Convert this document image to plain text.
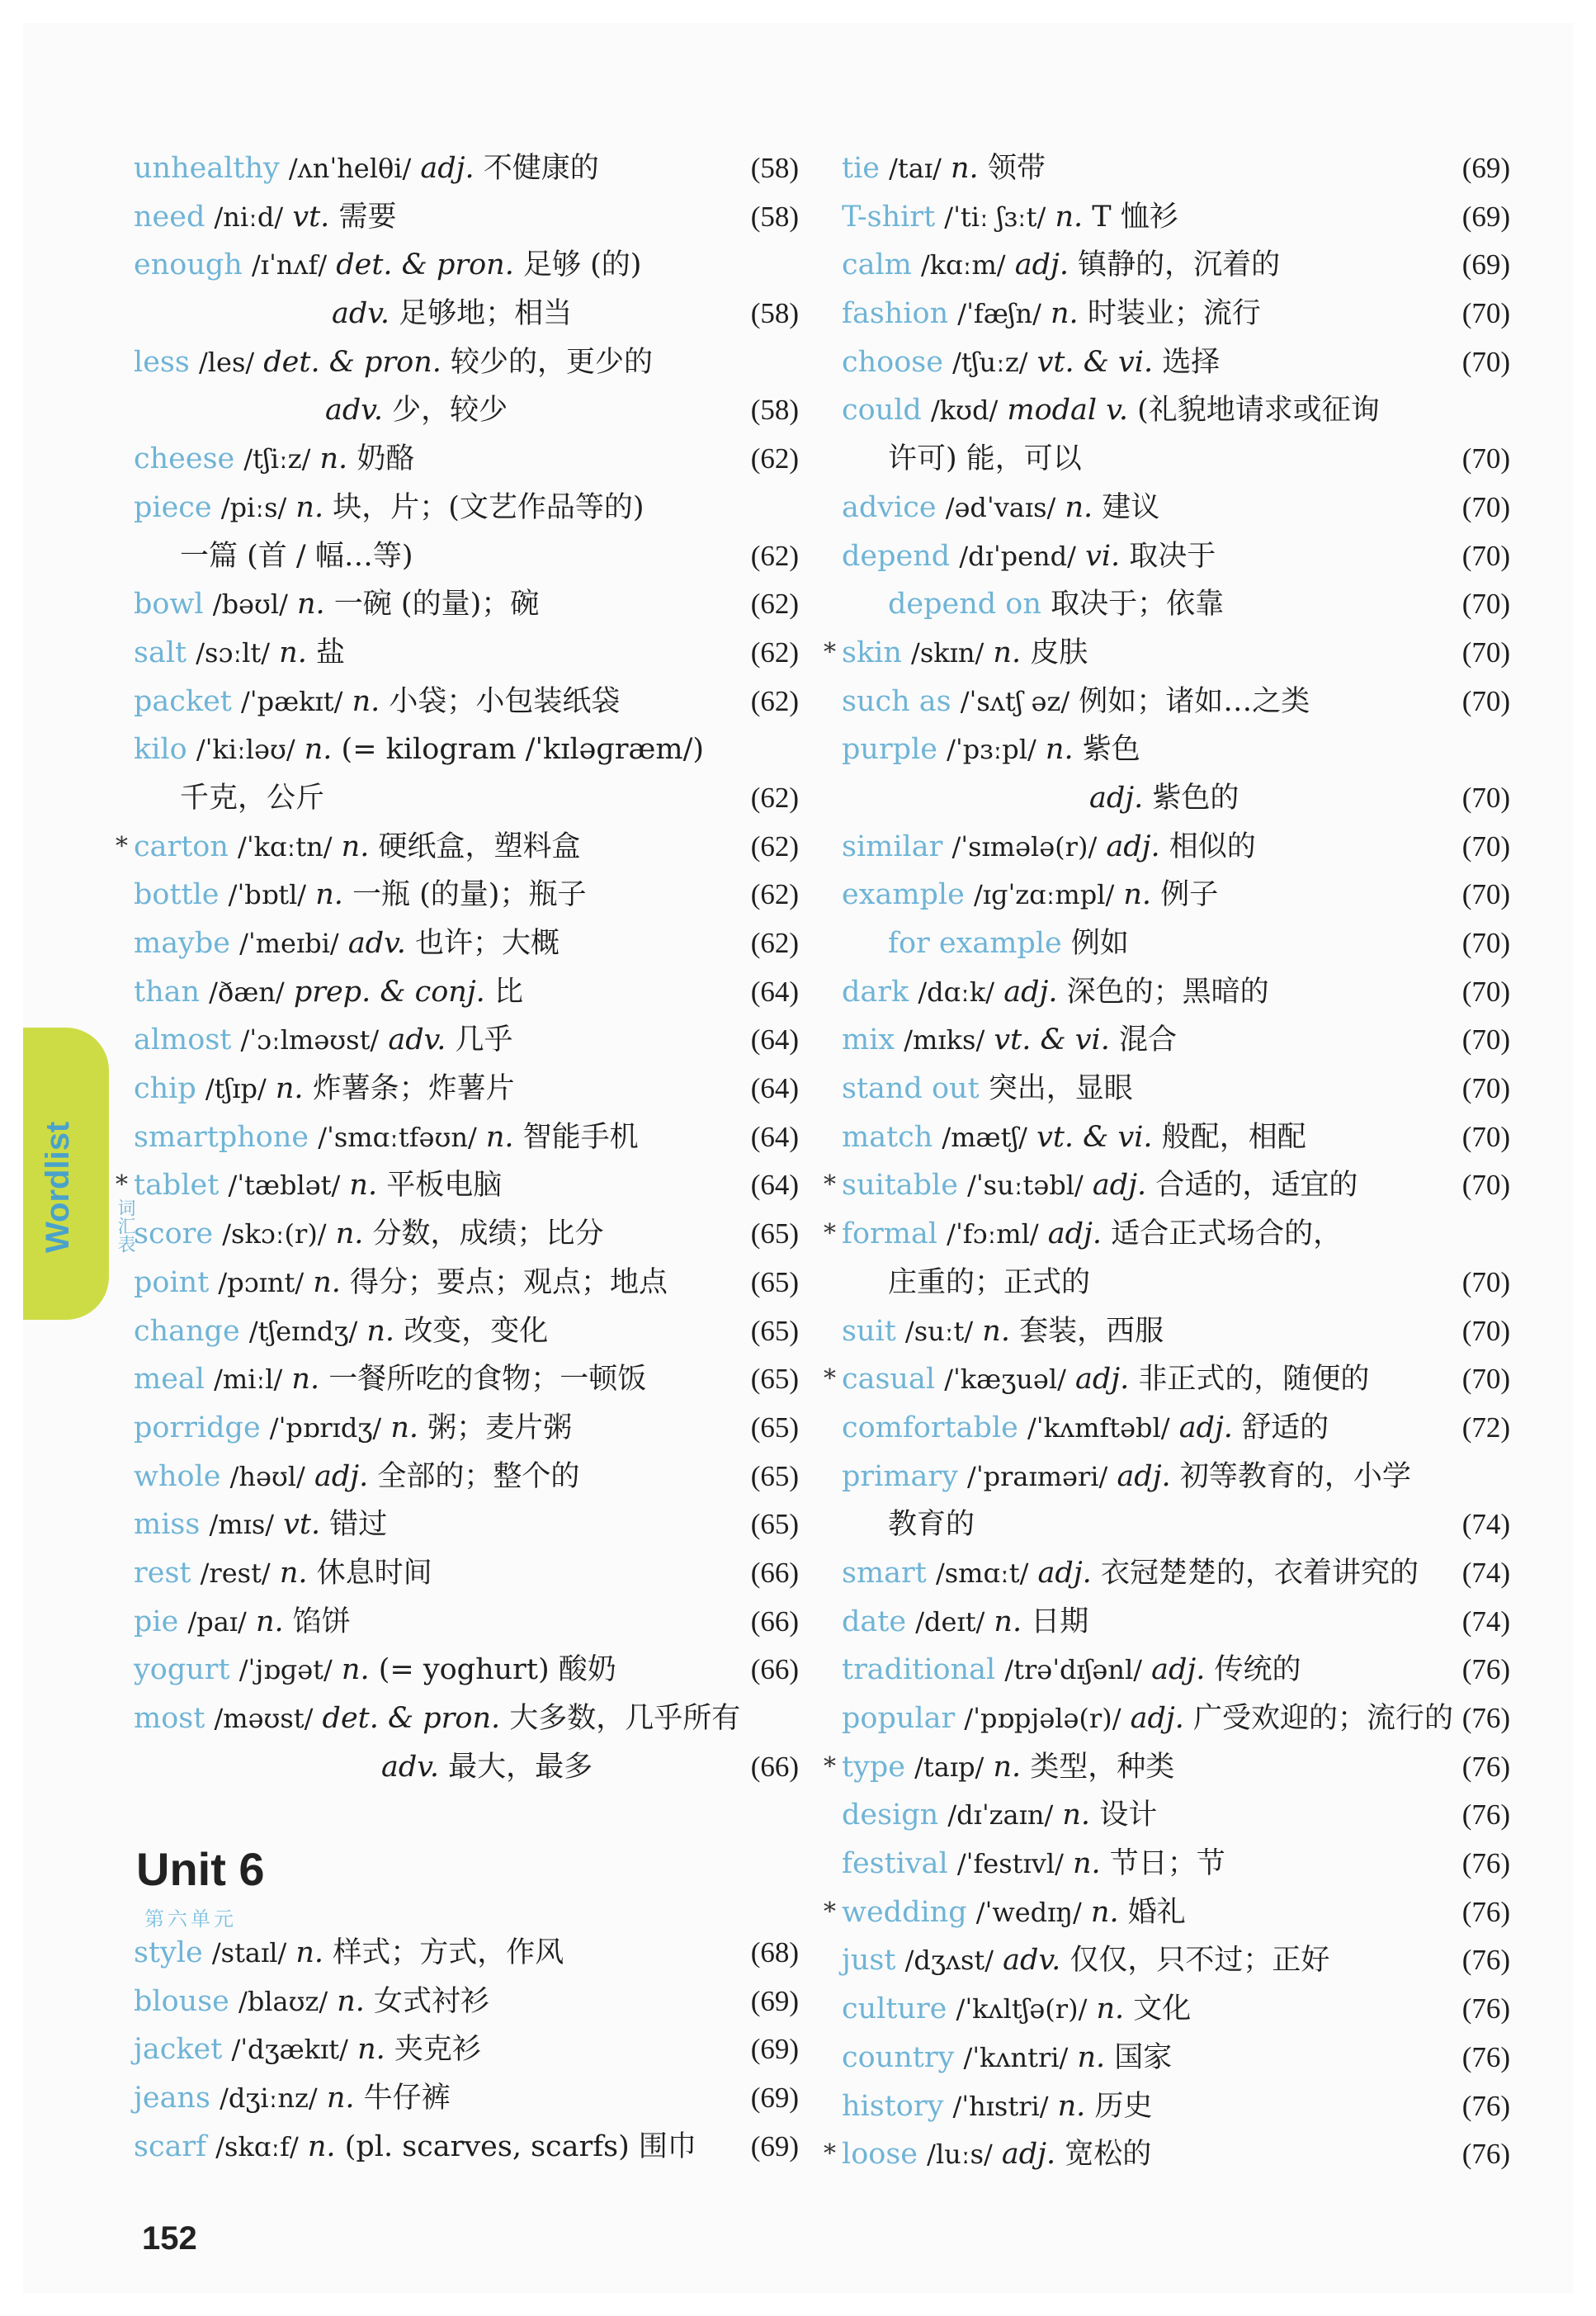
Wordlist 词汇表
unhealthy /ʌnˈhelθi/ adj. 不健康的	(58)
need /niːd/ vt. 需要	(58)
enough /ɪˈnʌf/ det. & pron. 足够 (的)
adv. 足够地；相当	(58)
less /les/ det. & pron. 较少的，更少的
adv. 少，较少	(58)
cheese /tʃiːz/ n. 奶酪	(62)
piece /piːs/ n. 块，片；(文艺作品等的)
一篇 (首 / 幅…等)	(62)
bowl /bəʊl/ n. 一碗 (的量)；碗	(62)
salt /sɔːlt/ n. 盐	(62)
packet /ˈpækɪt/ n. 小袋；小包装纸袋	(62)
kilo /ˈkiːləʊ/ n. (= kilogram /ˈkɪləɡræm/)
千克，公斤	(62)
* carton /ˈkɑːtn/ n. 硬纸盒，塑料盒	(62)
bottle /ˈbɒtl/ n. 一瓶 (的量)；瓶子	(62)
maybe /ˈmeɪbi/ adv. 也许；大概	(62)
than /ðæn/ prep. & conj. 比	(64)
almost /ˈɔːlməʊst/ adv. 几乎	(64)
chip /tʃɪp/ n. 炸薯条；炸薯片	(64)
smartphone /ˈsmɑːtfəʊn/ n. 智能手机	(64)
* tablet /ˈtæblət/ n. 平板电脑	(64)
score /skɔː(r)/ n. 分数，成绩；比分	(65)
point /pɔɪnt/ n. 得分；要点；观点；地点	(65)
change /tʃeɪndʒ/ n. 改变，变化	(65)
meal /miːl/ n. 一餐所吃的食物；一顿饭	(65)
porridge /ˈpɒrɪdʒ/ n. 粥；麦片粥	(65)
whole /həʊl/ adj. 全部的；整个的	(65)
miss /mɪs/ vt. 错过	(65)
rest /rest/ n. 休息时间	(66)
pie /paɪ/ n. 馅饼	(66)
yogurt /ˈjɒɡət/ n. (= yoghurt) 酸奶	(66)
most /məʊst/ det. & pron. 大多数，几乎所有
adv. 最大，最多	(66)
Unit 6
第六单元
style /staɪl/ n. 样式；方式，作风	(68)
blouse /blaʊz/ n. 女式衬衫	(69)
jacket /ˈdʒækɪt/ n. 夹克衫	(69)
jeans /dʒiːnz/ n. 牛仔裤	(69)
scarf /skɑːf/ n. (pl. scarves, scarfs) 围巾 (69)
tie /taɪ/ n. 领带	(69)
T-shirt /ˈtiː ʃɜːt/ n. T 恤衫	(69)
calm /kɑːm/ adj. 镇静的，沉着的	(69)
fashion /ˈfæʃn/ n. 时装业；流行	(70)
choose /tʃuːz/ vt. & vi. 选择	(70)
could /kʊd/ modal v. (礼貌地请求或征询
许可) 能，可以	(70)
advice /ədˈvaɪs/ n. 建议	(70)
depend /dɪˈpend/ vi. 取决于	(70)
depend on 取决于；依靠	(70)
* skin /skɪn/ n. 皮肤	(70)
such as /ˈsʌtʃ əz/ 例如；诸如…之类	(70)
purple /ˈpɜːpl/ n. 紫色
adj. 紫色的	(70)
similar /ˈsɪmələ(r)/ adj. 相似的	(70)
example /ɪɡˈzɑːmpl/ n. 例子	(70)
for example 例如	(70)
dark /dɑːk/ adj. 深色的；黑暗的	(70)
mix /mɪks/ vt. & vi. 混合	(70)
stand out 突出，显眼	(70)
match /mætʃ/ vt. & vi. 般配，相配	(70)
* suitable /ˈsuːtəbl/ adj. 合适的，适宜的	(70)
* formal /ˈfɔːml/ adj. 适合正式场合的，
庄重的；正式的	(70)
suit /suːt/ n. 套装，西服	(70)
* casual /ˈkæʒuəl/ adj. 非正式的，随便的	(70)
comfortable /ˈkʌmftəbl/ adj. 舒适的	(72)
primary /ˈpraɪməri/ adj. 初等教育的，小学
教育的	(74)
smart /smɑːt/ adj. 衣冠楚楚的，衣着讲究的 (74)
date /deɪt/ n. 日期	(74)
traditional /trəˈdɪʃənl/ adj. 传统的	(76)
popular /ˈpɒpjələ(r)/ adj. 广受欢迎的；流行的 (76)
* type /taɪp/ n. 类型，种类	(76)
design /dɪˈzaɪn/ n. 设计	(76)
festival /ˈfestɪvl/ n. 节日；节	(76)
* wedding /ˈwedɪŋ/ n. 婚礼	(76)
just /dʒʌst/ adv. 仅仅，只不过；正好	(76)
culture /ˈkʌltʃə(r)/ n. 文化	(76)
country /ˈkʌntri/ n. 国家	(76)
history /ˈhɪstri/ n. 历史	(76)
* loose /luːs/ adj. 宽松的	(76)
152
